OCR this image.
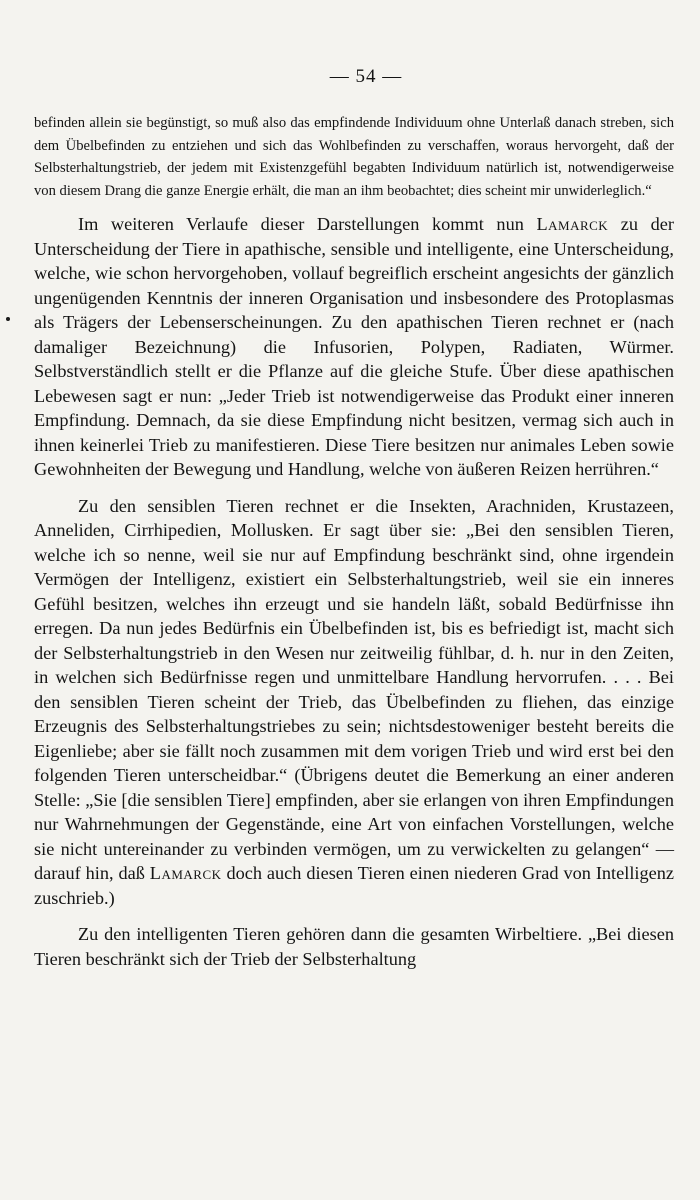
— 54 —
befinden allein sie begünstigt, so muß also das empfindende Individuum ohne Unterlaß danach streben, sich dem Übelbefinden zu entziehen und sich das Wohlbefinden zu verschaffen, woraus hervorgeht, daß der Selbsterhaltungstrieb, der jedem mit Existenzgefühl begabten Individuum natürlich ist, notwendigerweise von diesem Drang die ganze Energie erhält, die man an ihm beobachtet; dies scheint mir unwiderleglich.“

Im weiteren Verlaufe dieser Darstellungen kommt nun Lamarck zu der Unterscheidung der Tiere in apathische, sensible und intelligente, eine Unterscheidung, welche, wie schon hervorgehoben, vollauf begreiflich erscheint angesichts der gänzlich ungenügenden Kenntnis der inneren Organisation und insbesondere des Protoplasmas als Trägers der Lebenserscheinungen. Zu den apathischen Tieren rechnet er (nach damaliger Bezeichnung) die Infusorien, Polypen, Radiaten, Würmer. Selbstverständlich stellt er die Pflanze auf die gleiche Stufe. Über diese apathischen Lebewesen sagt er nun: „Jeder Trieb ist notwendigerweise das Produkt einer inneren Empfindung. Demnach, da sie diese Empfindung nicht besitzen, vermag sich auch in ihnen keinerlei Trieb zu manifestieren. Diese Tiere besitzen nur animales Leben sowie Gewohnheiten der Bewegung und Handlung, welche von äußeren Reizen herrühren.“

Zu den sensiblen Tieren rechnet er die Insekten, Arachniden, Krustazeen, Anneliden, Cirrhipedien, Mollusken. Er sagt über sie: „Bei den sensiblen Tieren, welche ich so nenne, weil sie nur auf Empfindung beschränkt sind, ohne irgendein Vermögen der Intelligenz, existiert ein Selbsterhaltungstrieb, weil sie ein inneres Gefühl besitzen, welches ihn erzeugt und sie handeln läßt, sobald Bedürfnisse ihn erregen. Da nun jedes Bedürfnis ein Übelbefinden ist, bis es befriedigt ist, macht sich der Selbsterhaltungstrieb in den Wesen nur zeitweilig fühlbar, d. h. nur in den Zeiten, in welchen sich Bedürfnisse regen und unmittelbare Handlung hervorrufen. . . . Bei den sensiblen Tieren scheint der Trieb, das Übelbefinden zu fliehen, das einzige Erzeugnis des Selbsterhaltungstriebes zu sein; nichtsdestoweniger besteht bereits die Eigenliebe; aber sie fällt noch zusammen mit dem vorigen Trieb und wird erst bei den folgenden Tieren unterscheidbar.“ (Übrigens deutet die Bemerkung an einer anderen Stelle: „Sie [die sensiblen Tiere] empfinden, aber sie erlangen von ihren Empfindungen nur Wahrnehmungen der Gegenstände, eine Art von einfachen Vorstellungen, welche sie nicht untereinander zu verbinden vermögen, um zu verwickelten zu gelangen“ — darauf hin, daß Lamarck doch auch diesen Tieren einen niederen Grad von Intelligenz zuschrieb.)

Zu den intelligenten Tieren gehören dann die gesamten Wirbeltiere. „Bei diesen Tieren beschränkt sich der Trieb der Selbsterhaltung
